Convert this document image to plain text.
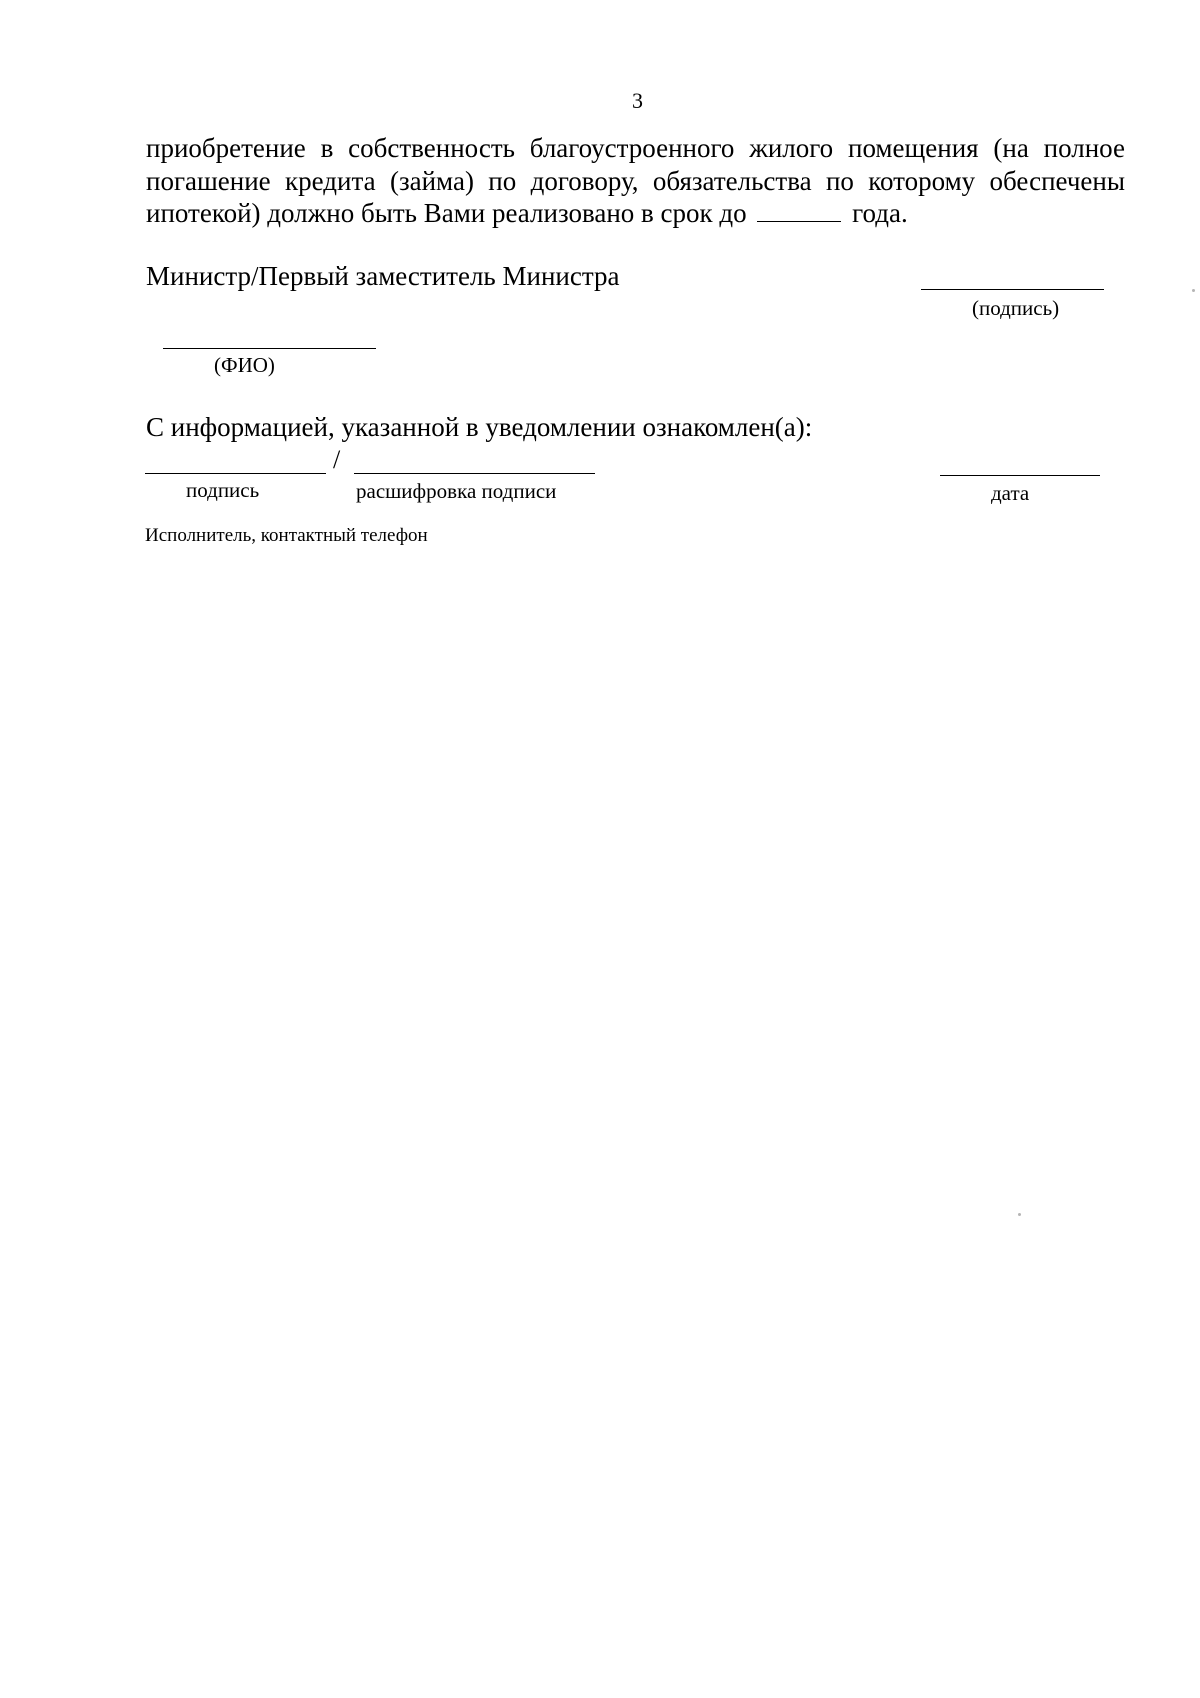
3
приобретение в собственность благоустроенного жилого помещения (на полное
погашение кредита (займа) по договору, обязательства по которому обеспечены
ипотекой) должно быть Вами реализовано в срок до	года.
Министр/Первый заместитель Министра
(подпись)
(ФИО)
С информацией, указанной в уведомлении ознакомлен(а):
/
подпись	расшифровка подписи	дата
Исполнитель, контактный телефон
